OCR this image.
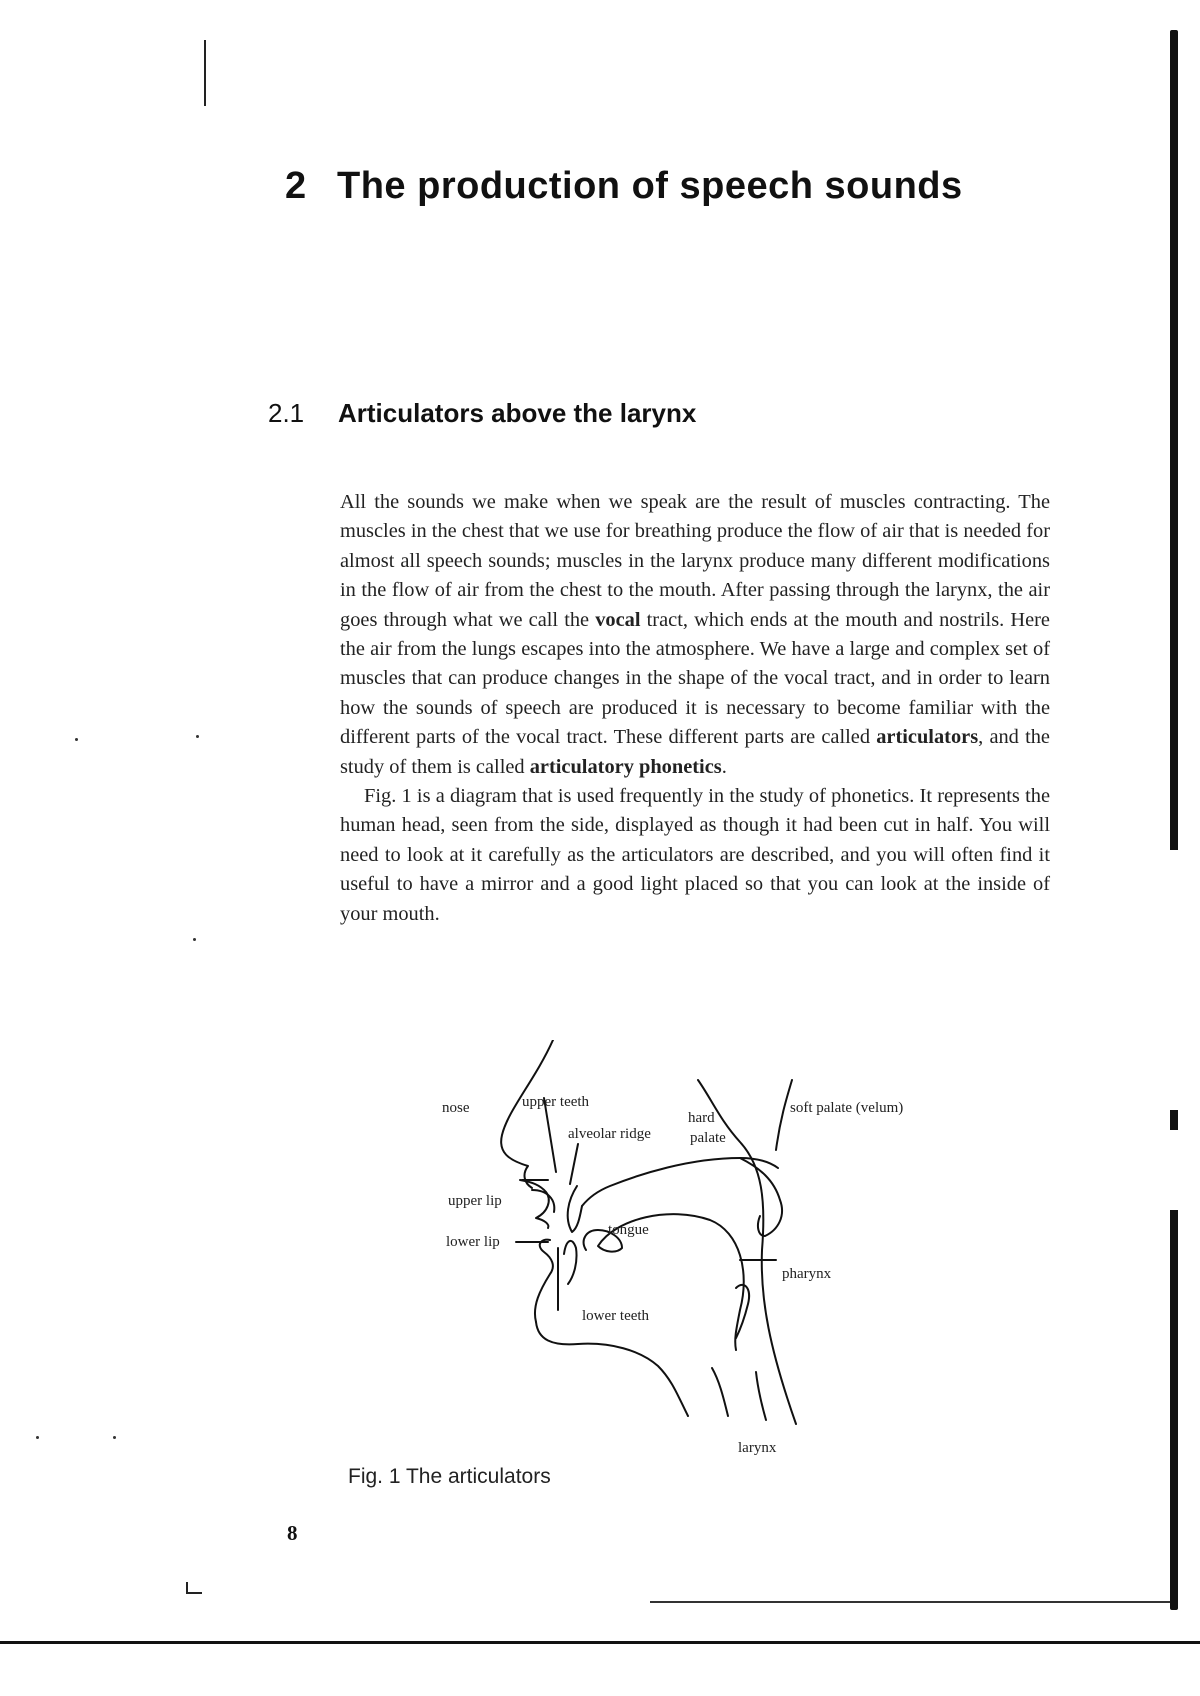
2 The production of speech sounds
2.1 Articulators above the larynx

All the sounds we make when we speak are the result of muscles contracting. The muscles in the chest that we use for breathing produce the flow of air that is needed for almost all speech sounds; muscles in the larynx produce many different modifications in the flow of air from the chest to the mouth. After passing through the larynx, the air goes through what we call the vocal tract, which ends at the mouth and nostrils. Here the air from the lungs escapes into the atmosphere. We have a large and complex set of muscles that can produce changes in the shape of the vocal tract, and in order to learn how the sounds of speech are produced it is necessary to become familiar with the different parts of the vocal tract. These different parts are called articulators, and the study of them is called articulatory phonetics.

Fig. 1 is a diagram that is used frequently in the study of phonetics. It represents the human head, seen from the side, displayed as though it had been cut in half. You will need to look at it carefully as the articulators are described, and you will often find it useful to have a mirror and a good light placed so that you can look at the inside of your mouth.

nose	upper teeth
alveolar ridge
hard
palate
soft palate (velum)
upper lip
lower lip
tongue
pharynx
lower teeth
larynx
Fig. 1 The articulators
8
